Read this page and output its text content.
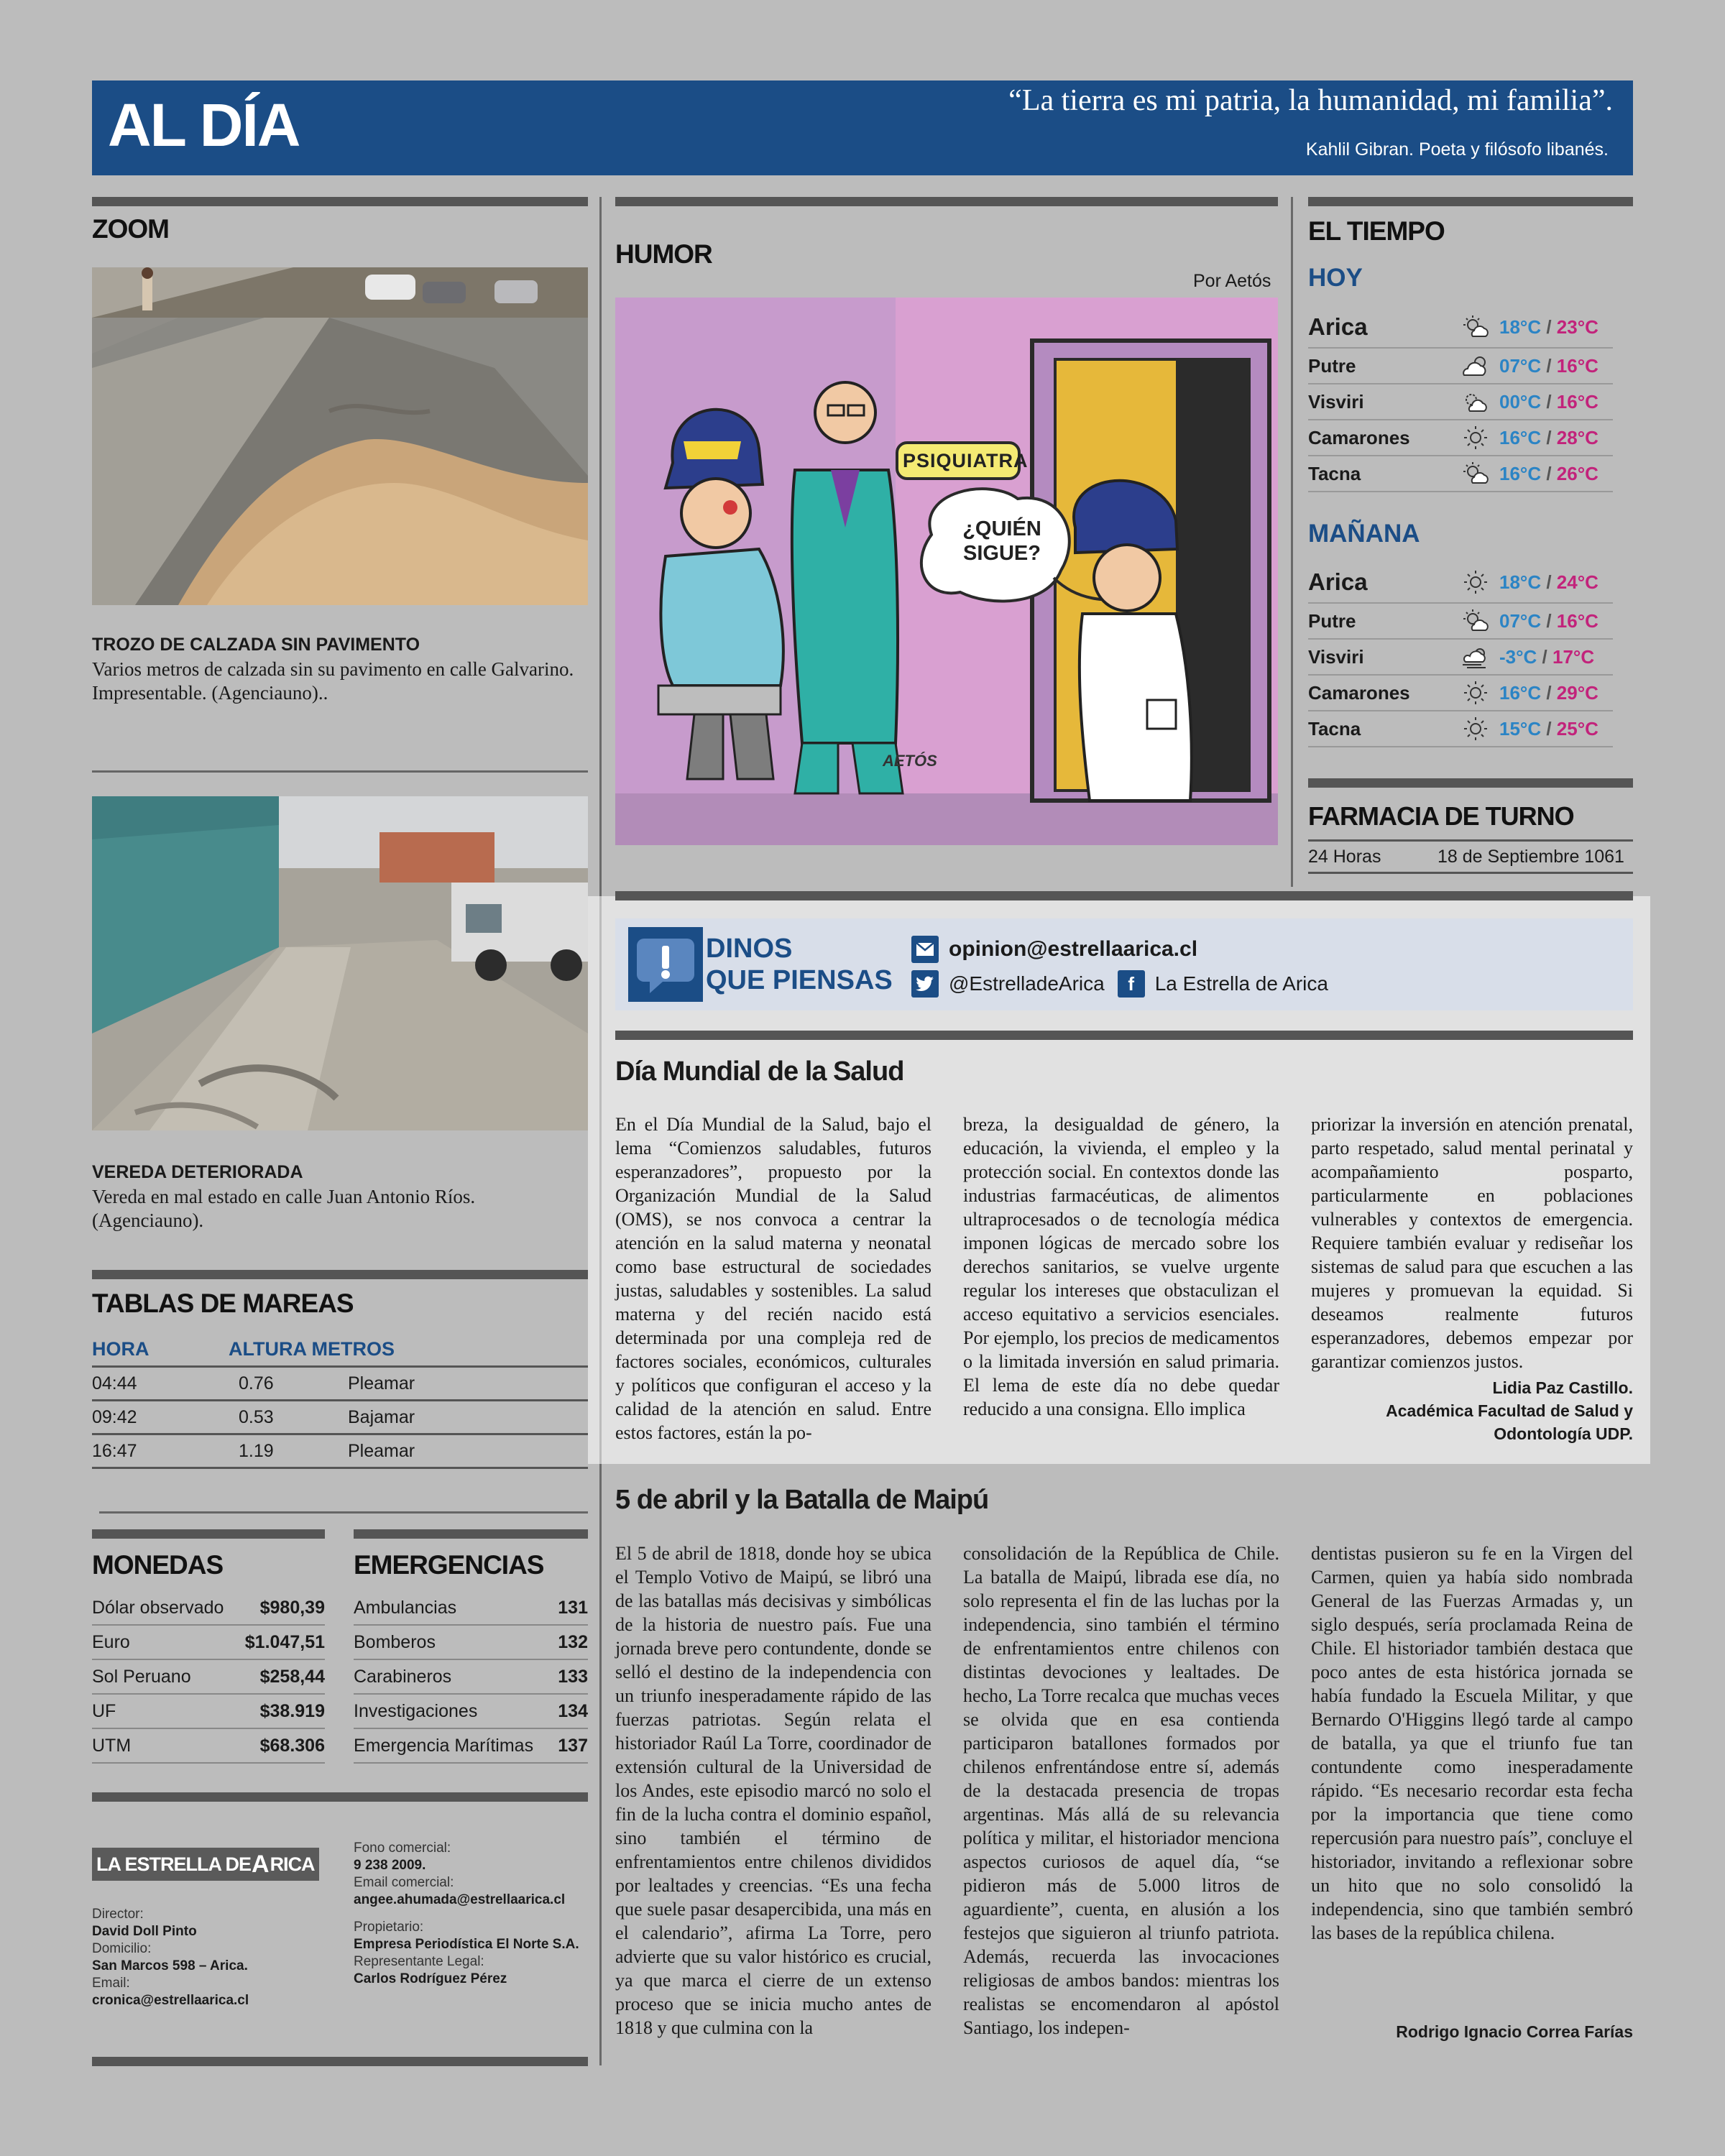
AL DÍA	“La tierra es mi patria, la humanidad, mi familia”.
Kahlil Gibran. Poeta y filósofo libanés.
ZOOM
TROZO DE CALZADA SIN PAVIMENTO
Varios metros de calzada sin su pavimento en calle Galvarino. Impresentable. (Agenciauno)..
VEREDA DETERIORADA
Vereda en mal estado en calle Juan Antonio Ríos. (Agenciauno).
TABLAS DE MAREAS
HORA	ALTURA METROS
04:44	0.76	Pleamar
09:42	0.53	Bajamar
16:47	1.19	Pleamar
MONEDAS
Dólar observado $980,39
Euro	$1.047,51
Sol Peruano	$258,44
UF	$38.919
UTM	$68.306
EMERGENCIAS
Ambulancias	131
Bomberos	132
Carabineros	133
Investigaciones	134
Emergencia Marítimas 137
LA ESTRELLA DE A RICA
Director:
David Doll Pinto
Domicilio:
San Marcos 598 – Arica.
Email:
cronica@estrellaarica.cl
Fono comercial:
9 238 2009.
Email comercial:
angee.ahumada@estrellaarica.cl
Propietario:
Empresa Periodística El Norte S.A.
Representante Legal:
Carlos Rodríguez Pérez
HUMOR
Por Aetós
PSIQUIATRA
¿QUIÉN SIGUE?
AETÓS
EL TIEMPO
HOY
Arica	18°C / 23°C
Putre	07°C / 16°C
Visviri	00°C / 16°C
Camarones	16°C / 28°C
Tacna	16°C / 26°C
MAÑANA
Arica	18°C / 24°C
Putre	07°C / 16°C
Visviri	-3°C / 17°C
Camarones	16°C / 29°C
Tacna	15°C / 25°C
FARMACIA DE TURNO
24 Horas	18 de Septiembre 1061
DINOS
QUE PIENSAS
opinion@estrellaarica.cl
@EstrelladeArica	f	La Estrella de Arica
Día Mundial de la Salud
En el Día Mundial de la Salud, bajo el lema “Comienzos saludables, futuros esperanzadores”, propuesto por la Organización Mundial de la Salud (OMS), se nos convoca a centrar la atención en la salud materna y neonatal como base estructural de sociedades justas, saludables y sostenibles. La salud materna y del recién nacido está determinada por una compleja red de factores sociales, económicos, culturales y políticos que configuran el acceso y la calidad de la atención en salud. Entre estos factores, están la po-
breza, la desigualdad de género, la educación, la vivienda, el empleo y la protección social. En contextos donde las industrias farmacéuticas, de alimentos ultraprocesados o de tecnología médica imponen lógicas de mercado sobre los derechos sanitarios, se vuelve urgente regular los intereses que obstaculizan el acceso equitativo a servicios esenciales. Por ejemplo, los precios de medicamentos o la limitada inversión en salud primaria. El lema de este día no debe quedar reducido a una consigna. Ello implica
priorizar la inversión en atención prenatal, parto respetado, salud mental perinatal y acompañamiento posparto, particularmente en poblaciones vulnerables y contextos de emergencia. Requiere también evaluar y rediseñar los sistemas de salud para que escuchen a las mujeres y promuevan la equidad. Si deseamos realmente futuros esperanzadores, debemos empezar por garantizar comienzos justos.
Lidia Paz Castillo.
Académica Facultad de Salud y Odontología UDP.
5 de abril y la Batalla de Maipú
El 5 de abril de 1818, donde hoy se ubica el Templo Votivo de Maipú, se libró una de las batallas más decisivas y simbólicas de la historia de nuestro país. Fue una jornada breve pero contundente, donde se selló el destino de la independencia con un triunfo inesperadamente rápido de las fuerzas patriotas. Según relata el historiador Raúl La Torre, coordinador de extensión cultural de la Universidad de los Andes, este episodio marcó no solo el fin de la lucha contra el dominio español, sino también el término de enfrentamientos entre chilenos divididos por lealtades y creencias. “Es una fecha que suele pasar desapercibida, una más en el calendario”, afirma La Torre, pero advierte que su valor histórico es crucial, ya que marca el cierre de un extenso proceso que se inicia mucho antes de 1818 y que culmina con la
consolidación de la República de Chile. La batalla de Maipú, librada ese día, no solo representa el fin de las luchas por la independencia, sino también el término de enfrentamientos entre chilenos con distintas devociones y lealtades. De hecho, La Torre recalca que muchas veces se olvida que en esa contienda participaron batallones formados por chilenos enfrentándose entre sí, además de la destacada presencia de tropas argentinas. Más allá de su relevancia política y militar, el historiador menciona aspectos curiosos de aquel día, “se pidieron más de 5.000 litros de aguardiente”, cuenta, en alusión a los festejos que siguieron al triunfo patriota. Además, recuerda las invocaciones religiosas de ambos bandos: mientras los realistas se encomendaron al apóstol Santiago, los indepen-
dentistas pusieron su fe en la Virgen del Carmen, quien ya había sido nombrada General de las Fuerzas Armadas y, un siglo después, sería proclamada Reina de Chile. El historiador también destaca que poco antes de esta histórica jornada se había fundado la Escuela Militar, y que Bernardo O'Higgins llegó tarde al campo de batalla, ya que el triunfo fue tan contundente como inesperadamente rápido. “Es necesario recordar esta fecha por la importancia que tiene como repercusión para nuestro país”, concluye el historiador, invitando a reflexionar sobre un hito que no solo consolidó la independencia, sino que también sembró las bases de la república chilena.
Rodrigo Ignacio Correa Farías
